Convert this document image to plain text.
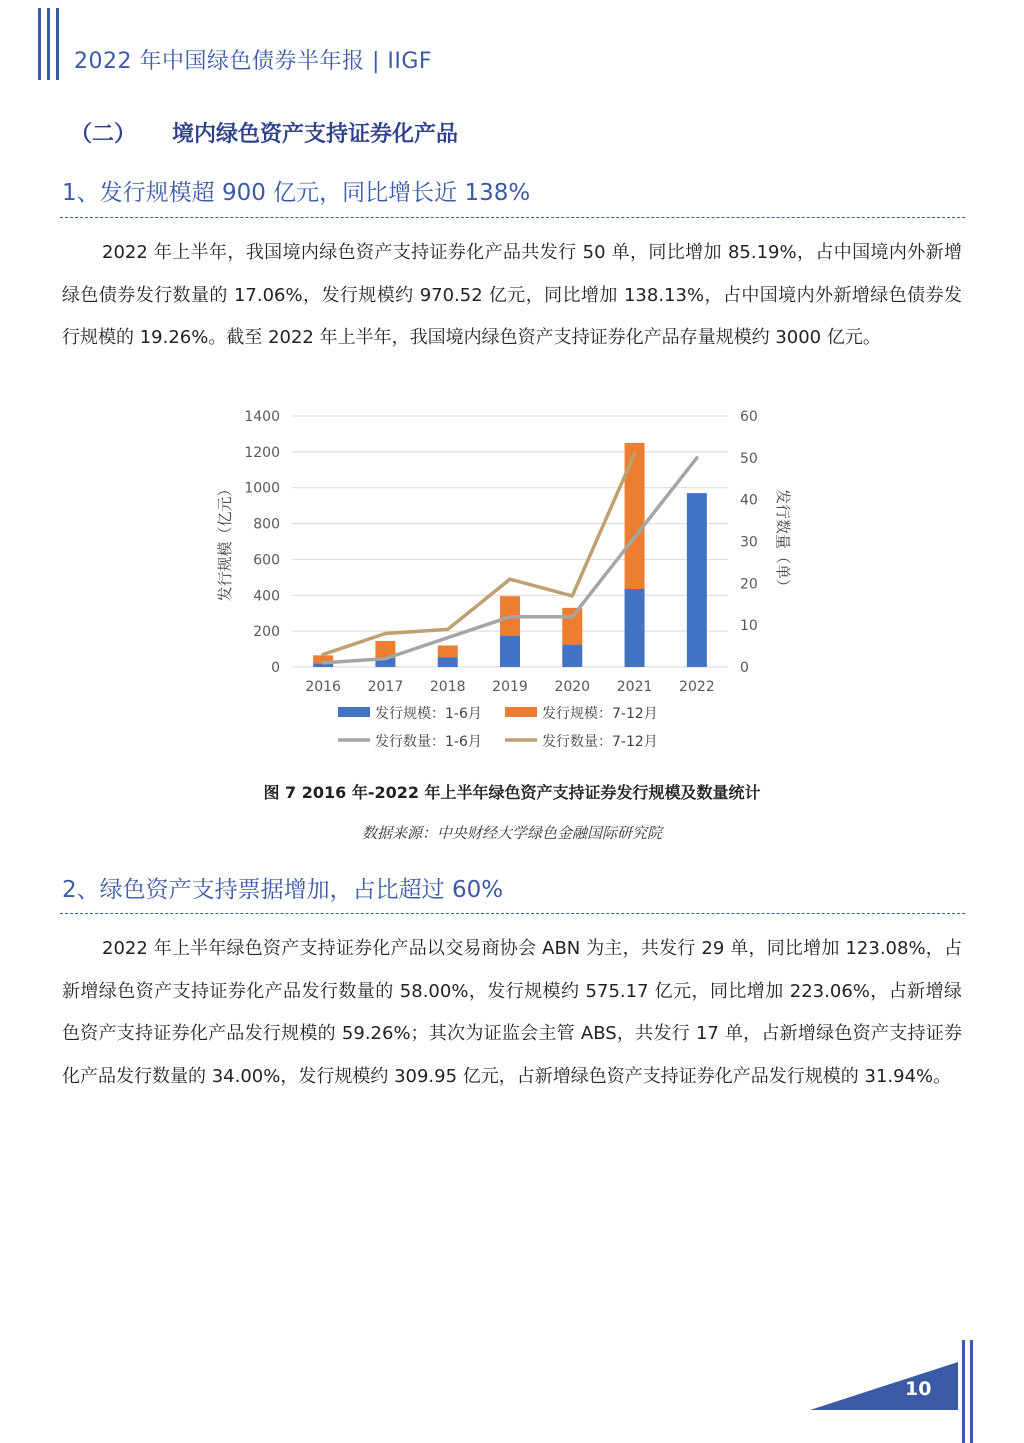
2022 年中国绿色债券半年报 | IIGF
（二） 境内绿色资产支持证券化产品
1、发行规模超 900 亿元，同比增长近 138%

2022 年上半年，我国境内绿色资产支持证券化产品共发行 50 单，同比增加 85.19%，占中国境内外新增绿色债券发行数量的 17.06%，发行规模约 970.52 亿元，同比增加 138.13%，占中国境内外新增绿色债券发行规模的 19.26%。截至 2022 年上半年，我国境内绿色资产支持证券化产品存量规模约 3000 亿元。

0
200
400
600
800
1000
1200
1400
0
10
20
30
40
50
60
发行规模（亿元）	发行数量（单）
2016 2017 2018 2019 2020 2021 2022
发行规模：1-6月	发行规模：7-12月
发行数量：1-6月	发行数量：7-12月
图 7 2016 年-2022 年上半年绿色资产支持证券发行规模及数量统计
数据来源：中央财经大学绿色金融国际研究院
2、绿色资产支持票据增加，占比超过 60%

2022 年上半年绿色资产支持证券化产品以交易商协会 ABN 为主，共发行 29 单，同比增加 123.08%，占新增绿色资产支持证券化产品发行数量的 58.00%，发行规模约 575.17 亿元，同比增加 223.06%，占新增绿色资产支持证券化产品发行规模的 59.26%；其次为证监会主管 ABS，共发行 17 单，占新增绿色资产支持证券化产品发行数量的 34.00%，发行规模约 309.95 亿元，占新增绿色资产支持证券化产品发行规模的 31.94%。

10
